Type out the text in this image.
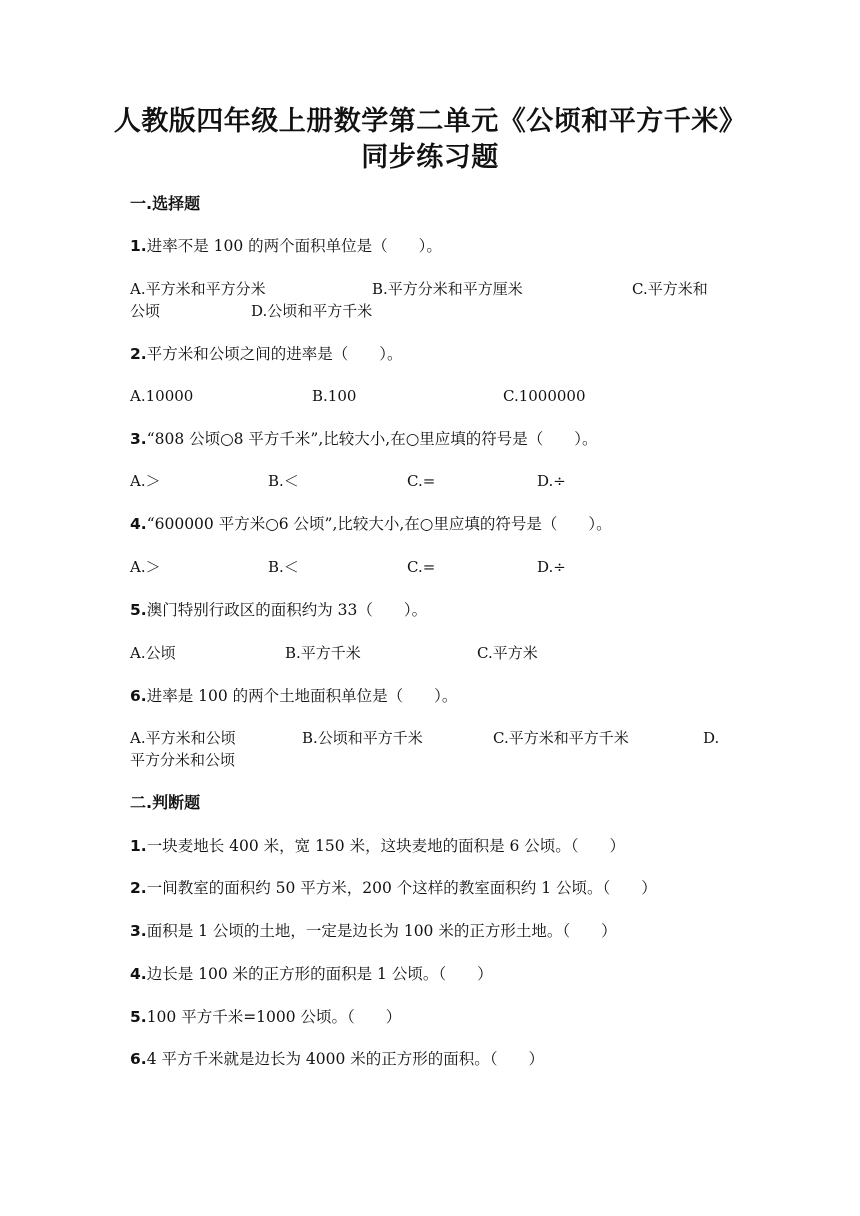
人教版四年级上册数学第二单元《公顷和平方千米》
同步练习题
一.选择题
1.进率不是 100 的两个面积单位是（　　）。
A.平方米和平方分米	B.平方分米和平方厘米	C.平方米和
公顷	D.公顷和平方千米
2.平方米和公顷之间的进率是（　　）。
A.10000	B.100	C.1000000
3.“808 公顷○8 平方千米”,比较大小,在○里应填的符号是（　　）。
A.＞	B.＜	C.=	D.÷
4.“600000 平方米○6 公顷”,比较大小,在○里应填的符号是（　　）。
A.＞	B.＜	C.=	D.÷
5.澳门特别行政区的面积约为 33（　　）。
A.公顷	B.平方千米	C.平方米
6.进率是 100 的两个土地面积单位是（　　）。
A.平方米和公顷	B.公顷和平方千米	C.平方米和平方千米	D.
平方分米和公顷
二.判断题
1.一块麦地长 400 米，宽 150 米，这块麦地的面积是 6 公顷。（　　）
2.一间教室的面积约 50 平方米，200 个这样的教室面积约 1 公顷。（　　）
3.面积是 1 公顷的土地，一定是边长为 100 米的正方形土地。（　　）
4.边长是 100 米的正方形的面积是 1 公顷。（　　）
5.100 平方千米=1000 公顷。（　　）
6.4 平方千米就是边长为 4000 米的正方形的面积。（　　）
